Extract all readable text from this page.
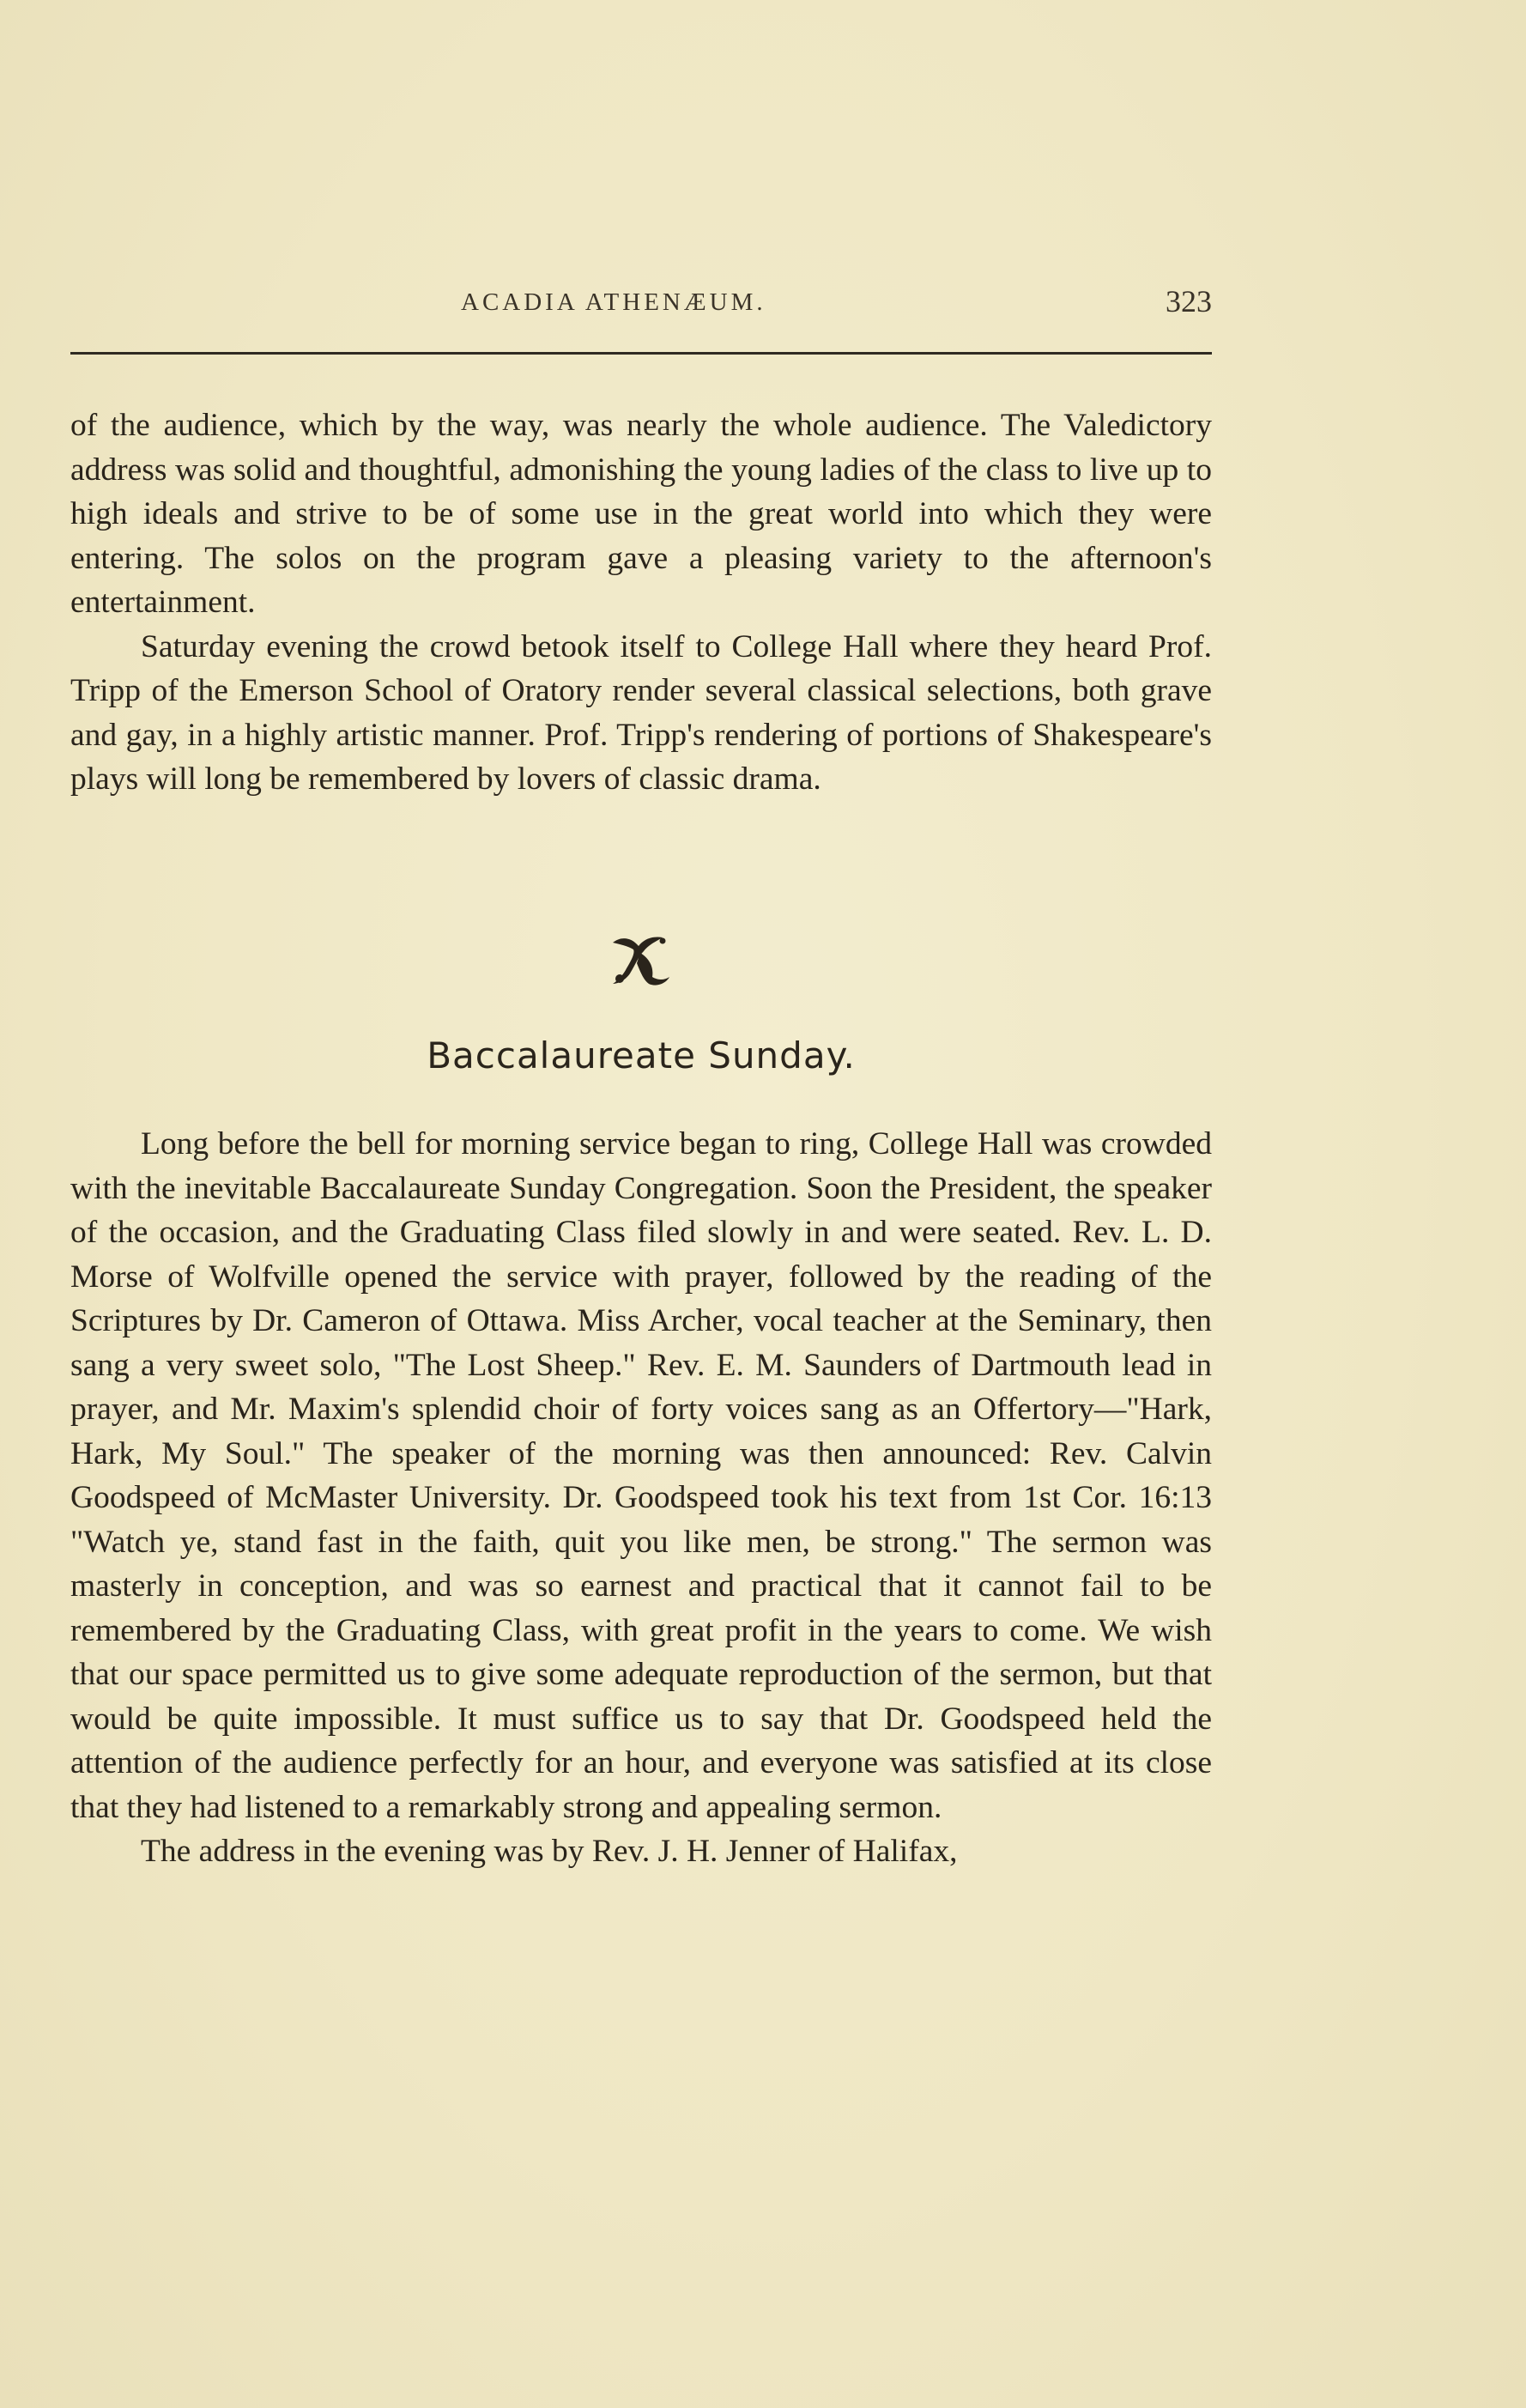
ACADIA ATHENÆUM.	323

of the audience, which by the way, was nearly the whole audience. The Valedictory address was solid and thoughtful, admonishing the young ladies of the class to live up to high ideals and strive to be of some use in the great world into which they were entering. The solos on the program gave a pleasing variety to the afternoon's entertainment.

Saturday evening the crowd betook itself to College Hall where they heard Prof. Tripp of the Emerson School of Oratory render several classical selections, both grave and gay, in a highly artistic manner. Prof. Tripp's rendering of portions of Shakespeare's plays will long be remembered by lovers of classic drama.

Baccalaureate Sunday.

Long before the bell for morning service began to ring, College Hall was crowded with the inevitable Baccalaureate Sunday Congregation. Soon the President, the speaker of the occasion, and the Graduating Class filed slowly in and were seated. Rev. L. D. Morse of Wolfville opened the service with prayer, followed by the reading of the Scriptures by Dr. Cameron of Ottawa. Miss Archer, vocal teacher at the Seminary, then sang a very sweet solo, "The Lost Sheep." Rev. E. M. Saunders of Dartmouth lead in prayer, and Mr. Maxim's splendid choir of forty voices sang as an Offertory—"Hark, Hark, My Soul." The speaker of the morning was then announced: Rev. Calvin Goodspeed of McMaster University. Dr. Goodspeed took his text from 1st Cor. 16:13 "Watch ye, stand fast in the faith, quit you like men, be strong." The sermon was masterly in conception, and was so earnest and practical that it cannot fail to be remembered by the Graduating Class, with great profit in the years to come. We wish that our space permitted us to give some adequate reproduction of the sermon, but that would be quite impossible. It must suffice us to say that Dr. Goodspeed held the attention of the audience perfectly for an hour, and everyone was satisfied at its close that they had listened to a remarkably strong and appealing sermon.

The address in the evening was by Rev. J. H. Jenner of Halifax,
